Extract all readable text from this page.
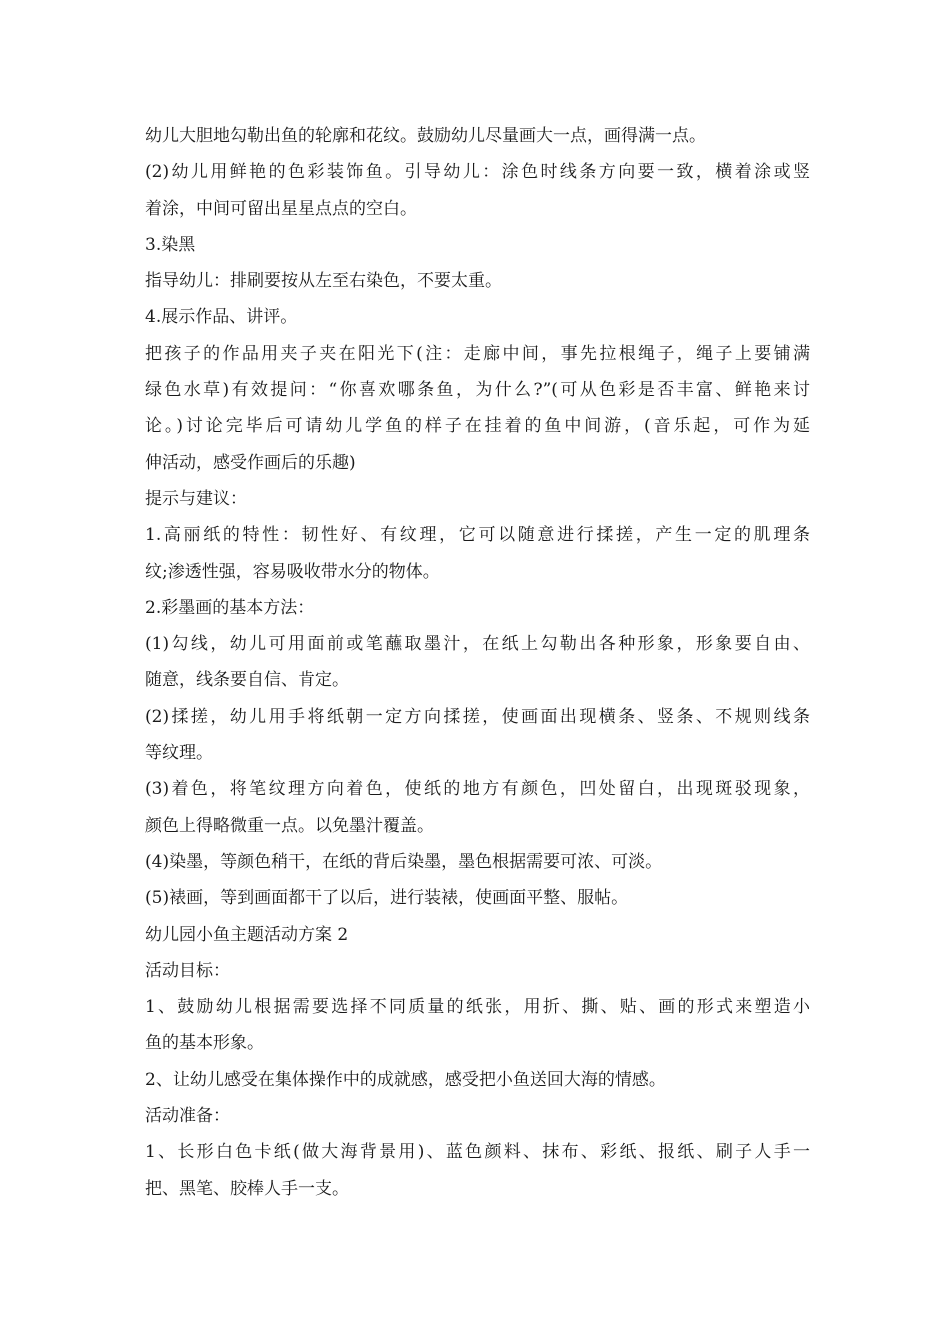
幼儿大胆地勾勒出鱼的轮廓和花纹。鼓励幼儿尽量画大一点，画得满一点。
(2)幼儿用鲜艳的色彩装饰鱼。引导幼儿：涂色时线条方向要一致，横着涂或竖
着涂，中间可留出星星点点的空白。
3.染黑
指导幼儿：排刷要按从左至右染色，不要太重。
4.展示作品、讲评。
把孩子的作品用夹子夹在阳光下(注：走廊中间，事先拉根绳子，绳子上要铺满
绿色水草)有效提问：“你喜欢哪条鱼，为什么?”(可从色彩是否丰富、鲜艳来讨
论。)讨论完毕后可请幼儿学鱼的样子在挂着的鱼中间游，(音乐起，可作为延
伸活动，感受作画后的乐趣)
提示与建议：
1.高丽纸的特性：韧性好、有纹理，它可以随意进行揉搓，产生一定的肌理条
纹;渗透性强，容易吸收带水分的物体。
2.彩墨画的基本方法：
(1)勾线，幼儿可用面前或笔蘸取墨汁，在纸上勾勒出各种形象，形象要自由、
随意，线条要自信、肯定。
(2)揉搓，幼儿用手将纸朝一定方向揉搓，使画面出现横条、竖条、不规则线条
等纹理。
(3)着色，将笔纹理方向着色，使纸的地方有颜色，凹处留白，出现斑驳现象，
颜色上得略微重一点。以免墨汁覆盖。
(4)染墨，等颜色稍干，在纸的背后染墨，墨色根据需要可浓、可淡。
(5)裱画，等到画面都干了以后，进行装裱，使画面平整、服帖。
幼儿园小鱼主题活动方案 2
活动目标：
1、鼓励幼儿根据需要选择不同质量的纸张，用折、撕、贴、画的形式来塑造小
鱼的基本形象。
2、让幼儿感受在集体操作中的成就感，感受把小鱼送回大海的情感。
活动准备：
1、长形白色卡纸(做大海背景用)、蓝色颜料、抹布、彩纸、报纸、刷子人手一
把、黑笔、胶棒人手一支。
